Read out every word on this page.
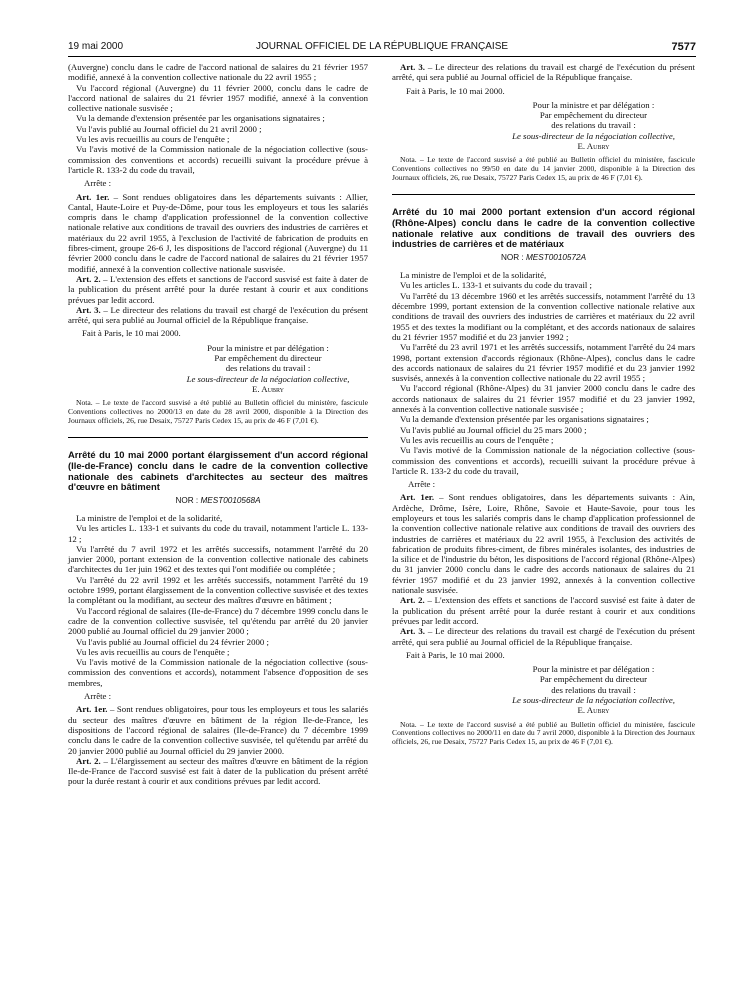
19 mai 2000	JOURNAL OFFICIEL DE LA RÉPUBLIQUE FRANÇAISE	7577

(Auvergne) conclu dans le cadre de l'accord national de salaires du 21 février 1957 modifié, annexé à la convention collective nationale du 22 avril 1955 ;

Vu l'accord régional (Auvergne) du 11 février 2000, conclu dans le cadre de l'accord national de salaires du 21 février 1957 modifié, annexé à la convention collective nationale susvisée ;

Vu la demande d'extension présentée par les organisations signataires ;

Vu l'avis publié au Journal officiel du 21 avril 2000 ;

Vu les avis recueillis au cours de l'enquête ;

Vu l'avis motivé de la Commission nationale de la négociation collective (sous-commission des conventions et accords) recueilli suivant la procédure prévue à l'article R. 133-2 du code du travail,

Arrête :

Art. 1er. – Sont rendues obligatoires dans les départements suivants : Allier, Cantal, Haute-Loire et Puy-de-Dôme, pour tous les employeurs et tous les salariés compris dans le champ d'application professionnel de la convention collective nationale relative aux conditions de travail des ouvriers des industries de carrières et matériaux du 22 avril 1955, à l'exclusion de l'activité de fabrication de produits en fibres-ciment, groupe 26-6 J, les dispositions de l'accord régional (Auvergne) du 11 février 2000 conclu dans le cadre de l'accord national de salaires du 21 février 1957 modifié, annexé à la convention collective nationale susvisée.

Art. 2. – L'extension des effets et sanctions de l'accord susvisé est faite à dater de la publication du présent arrêté pour la durée restant à courir et aux conditions prévues par ledit accord.

Art. 3. – Le directeur des relations du travail est chargé de l'exécution du présent arrêté, qui sera publié au Journal officiel de la République française.

Fait à Paris, le 10 mai 2000.

Pour la ministre et par délégation :

Par empêchement du directeur

des relations du travail :

Le sous-directeur de la négociation collective,

E. Aubry

Nota. – Le texte de l'accord susvisé a été publié au Bulletin officiel du ministère, fascicule Conventions collectives no 2000/13 en date du 28 avril 2000, disponible à la Direction des Journaux officiels, 26, rue Desaix, 75727 Paris Cedex 15, au prix de 46 F (7,01 €).

Arrêté du 10 mai 2000 portant élargissement d'un accord régional (Ile-de-France) conclu dans le cadre de la convention collective nationale des cabinets d'architectes au secteur des maîtres d'œuvre en bâtiment

NOR : MEST0010568A

La ministre de l'emploi et de la solidarité,

Vu les articles L. 133-1 et suivants du code du travail, notamment l'article L. 133-12 ;

Vu l'arrêté du 7 avril 1972 et les arrêtés successifs, notamment l'arrêté du 20 janvier 2000, portant extension de la convention collective nationale des cabinets d'architectes du 1er juin 1962 et des textes qui l'ont modifiée ou complétée ;

Vu l'arrêté du 22 avril 1992 et les arrêtés successifs, notamment l'arrêté du 19 octobre 1999, portant élargissement de la convention collective susvisée et des textes la complétant ou la modifiant, au secteur des maîtres d'œuvre en bâtiment ;

Vu l'accord régional de salaires (Ile-de-France) du 7 décembre 1999 conclu dans le cadre de la convention collective susvisée, tel qu'étendu par arrêté du 20 janvier 2000 publié au Journal officiel du 29 janvier 2000 ;

Vu l'avis publié au Journal officiel du 24 février 2000 ;

Vu les avis recueillis au cours de l'enquête ;

Vu l'avis motivé de la Commission nationale de la négociation collective (sous-commission des conventions et accords), notamment l'absence d'opposition de ses membres,

Arrête :

Art. 1er. – Sont rendues obligatoires, pour tous les employeurs et tous les salariés du secteur des maîtres d'œuvre en bâtiment de la région Ile-de-France, les dispositions de l'accord régional de salaires (Ile-de-France) du 7 décembre 1999 conclu dans le cadre de la convention collective susvisée, tel qu'étendu par arrêté du 20 janvier 2000 publié au Journal officiel du 29 janvier 2000.

Art. 2. – L'élargissement au secteur des maîtres d'œuvre en bâtiment de la région Ile-de-France de l'accord susvisé est fait à dater de la publication du présent arrêté pour la durée restant à courir et aux conditions prévues par ledit accord.

Art. 3. – Le directeur des relations du travail est chargé de l'exécution du présent arrêté, qui sera publié au Journal officiel de la République française.

Fait à Paris, le 10 mai 2000.

Pour la ministre et par délégation :

Par empêchement du directeur

des relations du travail :

Le sous-directeur de la négociation collective,

E. Aubry

Nota. – Le texte de l'accord susvisé a été publié au Bulletin officiel du ministère, fascicule Conventions collectives no 99/50 en date du 14 janvier 2000, disponible à la Direction des Journaux officiels, 26, rue Desaix, 75727 Paris Cedex 15, au prix de 46 F (7,01 €).

Arrêté du 10 mai 2000 portant extension d'un accord régional (Rhône-Alpes) conclu dans le cadre de la convention collective nationale relative aux conditions de travail des ouvriers des industries de carrières et de matériaux

NOR : MEST0010572A

La ministre de l'emploi et de la solidarité,

Vu les articles L. 133-1 et suivants du code du travail ;

Vu l'arrêté du 13 décembre 1960 et les arrêtés successifs, notamment l'arrêté du 13 décembre 1999, portant extension de la convention collective nationale relative aux conditions de travail des ouvriers des industries de carrières et matériaux du 22 avril 1955 et des textes la modifiant ou la complétant, et des accords nationaux de salaires du 21 février 1957 modifié et du 23 janvier 1992 ;

Vu l'arrêté du 23 avril 1971 et les arrêtés successifs, notamment l'arrêté du 24 mars 1998, portant extension d'accords régionaux (Rhône-Alpes), conclus dans le cadre des accords nationaux de salaires du 21 février 1957 modifié et du 23 janvier 1992 susvisés, annexés à la convention collective nationale du 22 avril 1955 ;

Vu l'accord régional (Rhône-Alpes) du 31 janvier 2000 conclu dans le cadre des accords nationaux de salaires du 21 février 1957 modifié et du 23 janvier 1992, annexés à la convention collective nationale susvisée ;

Vu la demande d'extension présentée par les organisations signataires ;

Vu l'avis publié au Journal officiel du 25 mars 2000 ;

Vu les avis recueillis au cours de l'enquête ;

Vu l'avis motivé de la Commission nationale de la négociation collective (sous-commission des conventions et accords), recueilli suivant la procédure prévue à l'article R. 133-2 du code du travail,

Arrête :

Art. 1er. – Sont rendues obligatoires, dans les départements suivants : Ain, Ardèche, Drôme, Isère, Loire, Rhône, Savoie et Haute-Savoie, pour tous les employeurs et tous les salariés compris dans le champ d'application professionnel de la convention collective nationale relative aux conditions de travail des ouvriers des industries de carrières et matériaux du 22 avril 1955, à l'exclusion des activités de fabrication de produits fibres-ciment, de fibres minérales isolantes, des industries de la silice et de l'industrie du béton, les dispositions de l'accord régional (Rhône-Alpes) du 31 janvier 2000 conclu dans le cadre des accords nationaux de salaires du 21 février 1957 modifié et du 23 janvier 1992, annexés à la convention collective nationale susvisée.

Art. 2. – L'extension des effets et sanctions de l'accord susvisé est faite à dater de la publication du présent arrêté pour la durée restant à courir et aux conditions prévues par ledit accord.

Art. 3. – Le directeur des relations du travail est chargé de l'exécution du présent arrêté, qui sera publié au Journal officiel de la République française.

Fait à Paris, le 10 mai 2000.

Pour la ministre et par délégation :

Par empêchement du directeur

des relations du travail :

Le sous-directeur de la négociation collective,

E. Aubry

Nota. – Le texte de l'accord susvisé a été publié au Bulletin officiel du ministère, fascicule Conventions collectives no 2000/11 en date du 7 avril 2000, disponible à la Direction des Journaux officiels, 26, rue Desaix, 75727 Paris Cedex 15, au prix de 46 F (7,01 €).
